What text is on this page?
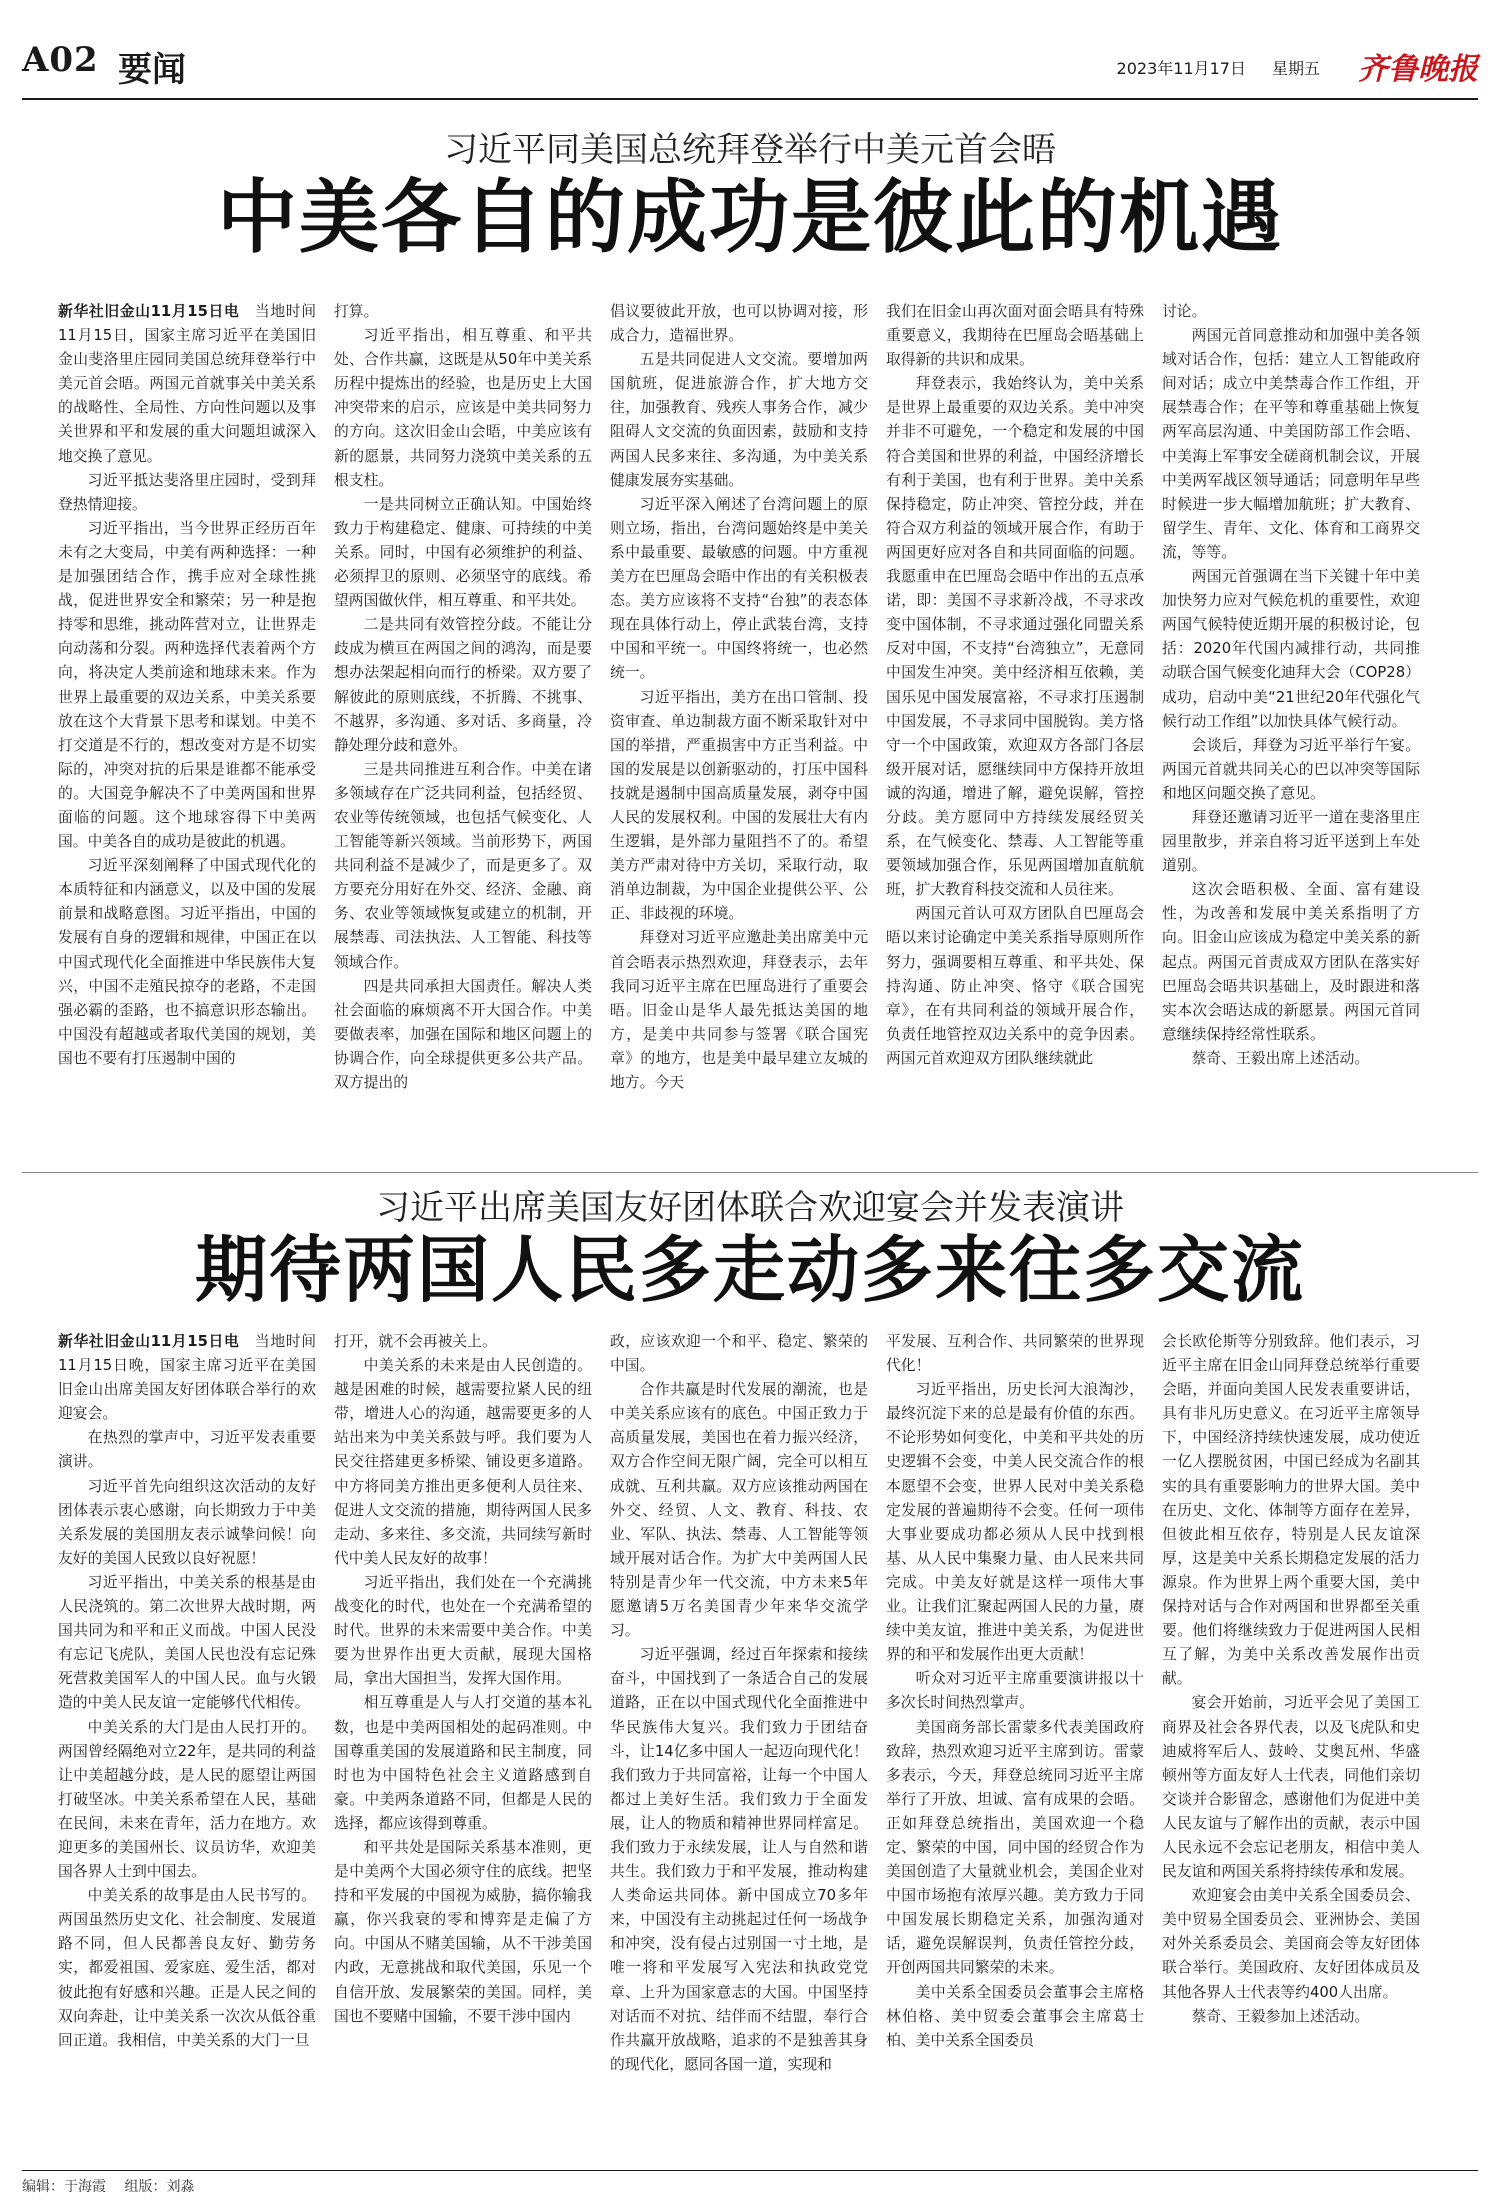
A02 要闻	2023年11月17日 星期五 齐鲁晚报
习近平同美国总统拜登举行中美元首会晤
中美各自的成功是彼此的机遇

新华社旧金山11月15日电 当地时间11月15日，国家主席习近平在美国旧金山斐洛里庄园同美国总统拜登举行中美元首会晤。两国元首就事关中美关系的战略性、全局性、方向性问题以及事关世界和平和发展的重大问题坦诚深入地交换了意见。

习近平抵达斐洛里庄园时，受到拜登热情迎接。

习近平指出，当今世界正经历百年未有之大变局，中美有两种选择：一种是加强团结合作，携手应对全球性挑战，促进世界安全和繁荣；另一种是抱持零和思维，挑动阵营对立，让世界走向动荡和分裂。两种选择代表着两个方向，将决定人类前途和地球未来。作为世界上最重要的双边关系，中美关系要放在这个大背景下思考和谋划。中美不打交道是不行的，想改变对方是不切实际的，冲突对抗的后果是谁都不能承受的。大国竞争解决不了中美两国和世界面临的问题。这个地球容得下中美两国。中美各自的成功是彼此的机遇。

习近平深刻阐释了中国式现代化的本质特征和内涵意义，以及中国的发展前景和战略意图。习近平指出，中国的发展有自身的逻辑和规律，中国正在以中国式现代化全面推进中华民族伟大复兴，中国不走殖民掠夺的老路，不走国强必霸的歪路，也不搞意识形态输出。中国没有超越或者取代美国的规划，美国也不要有打压遏制中国的

打算。

习近平指出，相互尊重、和平共处、合作共赢，这既是从50年中美关系历程中提炼出的经验，也是历史上大国冲突带来的启示，应该是中美共同努力的方向。这次旧金山会晤，中美应该有新的愿景，共同努力浇筑中美关系的五根支柱。

一是共同树立正确认知。中国始终致力于构建稳定、健康、可持续的中美关系。同时，中国有必须维护的利益、必须捍卫的原则、必须坚守的底线。希望两国做伙伴，相互尊重、和平共处。

二是共同有效管控分歧。不能让分歧成为横亘在两国之间的鸿沟，而是要想办法架起相向而行的桥梁。双方要了解彼此的原则底线，不折腾、不挑事、不越界，多沟通、多对话、多商量，冷静处理分歧和意外。

三是共同推进互利合作。中美在诸多领域存在广泛共同利益，包括经贸、农业等传统领域，也包括气候变化、人工智能等新兴领域。当前形势下，两国共同利益不是减少了，而是更多了。双方要充分用好在外交、经济、金融、商务、农业等领域恢复或建立的机制，开展禁毒、司法执法、人工智能、科技等领域合作。

四是共同承担大国责任。解决人类社会面临的麻烦离不开大国合作。中美要做表率，加强在国际和地区问题上的协调合作，向全球提供更多公共产品。双方提出的

倡议要彼此开放，也可以协调对接，形成合力，造福世界。

五是共同促进人文交流。要增加两国航班，促进旅游合作，扩大地方交往，加强教育、残疾人事务合作，减少阻碍人文交流的负面因素，鼓励和支持两国人民多来往、多沟通，为中美关系健康发展夯实基础。

习近平深入阐述了台湾问题上的原则立场，指出，台湾问题始终是中美关系中最重要、最敏感的问题。中方重视美方在巴厘岛会晤中作出的有关积极表态。美方应该将不支持“台独”的表态体现在具体行动上，停止武装台湾，支持中国和平统一。中国终将统一，也必然统一。

习近平指出，美方在出口管制、投资审查、单边制裁方面不断采取针对中国的举措，严重损害中方正当利益。中国的发展是以创新驱动的，打压中国科技就是遏制中国高质量发展，剥夺中国人民的发展权利。中国的发展壮大有内生逻辑，是外部力量阻挡不了的。希望美方严肃对待中方关切，采取行动，取消单边制裁，为中国企业提供公平、公正、非歧视的环境。

拜登对习近平应邀赴美出席美中元首会晤表示热烈欢迎，拜登表示，去年我同习近平主席在巴厘岛进行了重要会晤。旧金山是华人最先抵达美国的地方，是美中共同参与签署《联合国宪章》的地方，也是美中最早建立友城的地方。今天

我们在旧金山再次面对面会晤具有特殊重要意义，我期待在巴厘岛会晤基础上取得新的共识和成果。

拜登表示，我始终认为，美中关系是世界上最重要的双边关系。美中冲突并非不可避免，一个稳定和发展的中国符合美国和世界的利益，中国经济增长有利于美国，也有利于世界。美中关系保持稳定，防止冲突、管控分歧，并在符合双方利益的领域开展合作，有助于两国更好应对各自和共同面临的问题。我愿重申在巴厘岛会晤中作出的五点承诺，即：美国不寻求新冷战，不寻求改变中国体制，不寻求通过强化同盟关系反对中国，不支持“台湾独立”，无意同中国发生冲突。美中经济相互依赖，美国乐见中国发展富裕，不寻求打压遏制中国发展，不寻求同中国脱钩。美方恪守一个中国政策，欢迎双方各部门各层级开展对话，愿继续同中方保持开放坦诚的沟通，增进了解，避免误解，管控分歧。美方愿同中方持续发展经贸关系，在气候变化、禁毒、人工智能等重要领域加强合作，乐见两国增加直航航班，扩大教育科技交流和人员往来。

两国元首认可双方团队自巴厘岛会晤以来讨论确定中美关系指导原则所作努力，强调要相互尊重、和平共处、保持沟通、防止冲突、恪守《联合国宪章》，在有共同利益的领域开展合作，负责任地管控双边关系中的竞争因素。两国元首欢迎双方团队继续就此

讨论。

两国元首同意推动和加强中美各领域对话合作，包括：建立人工智能政府间对话；成立中美禁毒合作工作组，开展禁毒合作；在平等和尊重基础上恢复两军高层沟通、中美国防部工作会晤、中美海上军事安全磋商机制会议，开展中美两军战区领导通话；同意明年早些时候进一步大幅增加航班；扩大教育、留学生、青年、文化、体育和工商界交流，等等。

两国元首强调在当下关键十年中美加快努力应对气候危机的重要性，欢迎两国气候特使近期开展的积极讨论，包括：2020年代国内减排行动，共同推动联合国气候变化迪拜大会（COP28）成功，启动中美“21世纪20年代强化气候行动工作组”以加快具体气候行动。

会谈后，拜登为习近平举行午宴。两国元首就共同关心的巴以冲突等国际和地区问题交换了意见。

拜登还邀请习近平一道在斐洛里庄园里散步，并亲自将习近平送到上车处道别。

这次会晤积极、全面、富有建设性，为改善和发展中美关系指明了方向。旧金山应该成为稳定中美关系的新起点。两国元首责成双方团队在落实好巴厘岛会晤共识基础上，及时跟进和落实本次会晤达成的新愿景。两国元首同意继续保持经常性联系。

蔡奇、王毅出席上述活动。

习近平出席美国友好团体联合欢迎宴会并发表演讲
期待两国人民多走动多来往多交流

新华社旧金山11月15日电 当地时间11月15日晚，国家主席习近平在美国旧金山出席美国友好团体联合举行的欢迎宴会。

在热烈的掌声中，习近平发表重要演讲。

习近平首先向组织这次活动的友好团体表示衷心感谢，向长期致力于中美关系发展的美国朋友表示诚挚问候！向友好的美国人民致以良好祝愿！

习近平指出，中美关系的根基是由人民浇筑的。第二次世界大战时期，两国共同为和平和正义而战。中国人民没有忘记飞虎队，美国人民也没有忘记殊死营救美国军人的中国人民。血与火锻造的中美人民友谊一定能够代代相传。

中美关系的大门是由人民打开的。两国曾经隔绝对立22年，是共同的利益让中美超越分歧，是人民的愿望让两国打破坚冰。中美关系希望在人民，基础在民间，未来在青年，活力在地方。欢迎更多的美国州长、议员访华，欢迎美国各界人士到中国去。

中美关系的故事是由人民书写的。两国虽然历史文化、社会制度、发展道路不同，但人民都善良友好、勤劳务实，都爱祖国、爱家庭、爱生活，都对彼此抱有好感和兴趣。正是人民之间的双向奔赴，让中美关系一次次从低谷重回正道。我相信，中美关系的大门一旦

打开，就不会再被关上。

中美关系的未来是由人民创造的。越是困难的时候，越需要拉紧人民的纽带，增进人心的沟通，越需要更多的人站出来为中美关系鼓与呼。我们要为人民交往搭建更多桥梁、铺设更多道路。中方将同美方推出更多便利人员往来、促进人文交流的措施，期待两国人民多走动、多来往、多交流，共同续写新时代中美人民友好的故事！

习近平指出，我们处在一个充满挑战变化的时代，也处在一个充满希望的时代。世界的未来需要中美合作。中美要为世界作出更大贡献，展现大国格局，拿出大国担当，发挥大国作用。

相互尊重是人与人打交道的基本礼数，也是中美两国相处的起码准则。中国尊重美国的发展道路和民主制度，同时也为中国特色社会主义道路感到自豪。中美两条道路不同，但都是人民的选择，都应该得到尊重。

和平共处是国际关系基本准则，更是中美两个大国必须守住的底线。把坚持和平发展的中国视为威胁，搞你输我赢，你兴我衰的零和博弈是走偏了方向。中国从不赌美国输，从不干涉美国内政，无意挑战和取代美国，乐见一个自信开放、发展繁荣的美国。同样，美国也不要赌中国输，不要干涉中国内

政，应该欢迎一个和平、稳定、繁荣的中国。

合作共赢是时代发展的潮流，也是中美关系应该有的底色。中国正致力于高质量发展，美国也在着力振兴经济，双方合作空间无限广阔，完全可以相互成就、互利共赢。双方应该推动两国在外交、经贸、人文、教育、科技、农业、军队、执法、禁毒、人工智能等领域开展对话合作。为扩大中美两国人民特别是青少年一代交流，中方未来5年愿邀请5万名美国青少年来华交流学习。

习近平强调，经过百年探索和接续奋斗，中国找到了一条适合自己的发展道路，正在以中国式现代化全面推进中华民族伟大复兴。我们致力于团结奋斗，让14亿多中国人一起迈向现代化！我们致力于共同富裕，让每一个中国人都过上美好生活。我们致力于全面发展，让人的物质和精神世界同样富足。我们致力于永续发展，让人与自然和谐共生。我们致力于和平发展，推动构建人类命运共同体。新中国成立70多年来，中国没有主动挑起过任何一场战争和冲突，没有侵占过别国一寸土地，是唯一将和平发展写入宪法和执政党党章、上升为国家意志的大国。中国坚持对话而不对抗、结伴而不结盟，奉行合作共赢开放战略，追求的不是独善其身的现代化，愿同各国一道，实现和

平发展、互利合作、共同繁荣的世界现代化！

习近平指出，历史长河大浪淘沙，最终沉淀下来的总是最有价值的东西。不论形势如何变化，中美和平共处的历史逻辑不会变，中美人民交流合作的根本愿望不会变，世界人民对中美关系稳定发展的普遍期待不会变。任何一项伟大事业要成功都必须从人民中找到根基、从人民中集聚力量、由人民来共同完成。中美友好就是这样一项伟大事业。让我们汇聚起两国人民的力量，赓续中美友谊，推进中美关系，为促进世界的和平和发展作出更大贡献！

听众对习近平主席重要演讲报以十多次长时间热烈掌声。

美国商务部长雷蒙多代表美国政府致辞，热烈欢迎习近平主席到访。雷蒙多表示，今天，拜登总统同习近平主席举行了开放、坦诚、富有成果的会晤。正如拜登总统指出，美国欢迎一个稳定、繁荣的中国，同中国的经贸合作为美国创造了大量就业机会，美国企业对中国市场抱有浓厚兴趣。美方致力于同中国发展长期稳定关系，加强沟通对话，避免误解误判，负责任管控分歧，开创两国共同繁荣的未来。

美中关系全国委员会董事会主席格林伯格、美中贸委会董事会主席葛士柏、美中关系全国委员

会长欧伦斯等分别致辞。他们表示，习近平主席在旧金山同拜登总统举行重要会晤，并面向美国人民发表重要讲话，具有非凡历史意义。在习近平主席领导下，中国经济持续快速发展，成功使近一亿人摆脱贫困，中国已经成为名副其实的具有重要影响力的世界大国。美中在历史、文化、体制等方面存在差异，但彼此相互依存，特别是人民友谊深厚，这是美中关系长期稳定发展的活力源泉。作为世界上两个重要大国，美中保持对话与合作对两国和世界都至关重要。他们将继续致力于促进两国人民相互了解，为美中关系改善发展作出贡献。

宴会开始前，习近平会见了美国工商界及社会各界代表，以及飞虎队和史迪威将军后人、鼓岭、艾奥瓦州、华盛顿州等方面友好人士代表，同他们亲切交谈并合影留念，感谢他们为促进中美人民友谊与了解作出的贡献，表示中国人民永远不会忘记老朋友，相信中美人民友谊和两国关系将持续传承和发展。

欢迎宴会由美中关系全国委员会、美中贸易全国委员会、亚洲协会、美国对外关系委员会、美国商会等友好团体联合举行。美国政府、友好团体成员及其他各界人士代表等约400人出席。

蔡奇、王毅参加上述活动。

编辑：于海霞 组版：刘淼
